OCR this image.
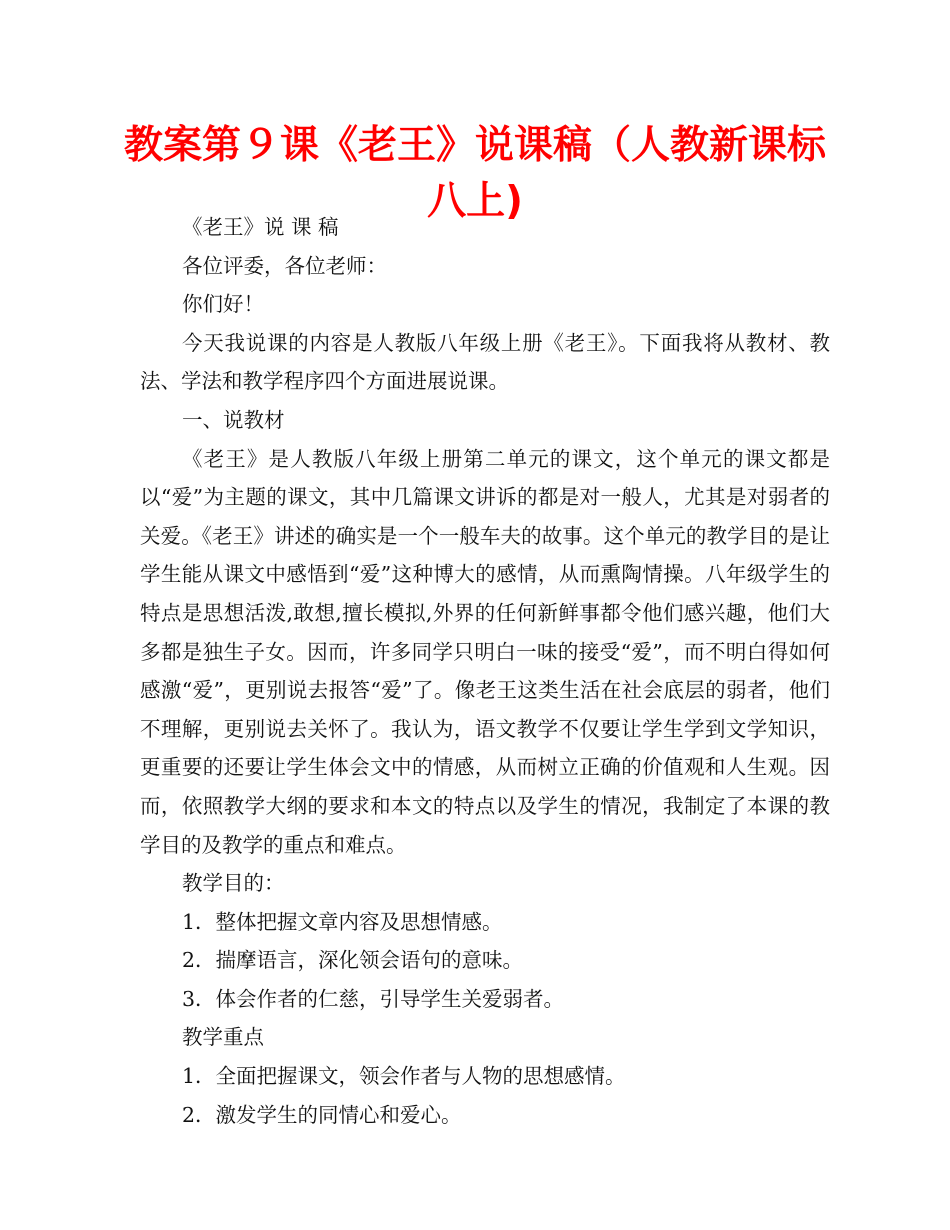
教案第９课《老王》说课稿（人教新课标八上)

《老王》说 课 稿

各位评委，各位老师：

你们好！

今天我说课的内容是人教版八年级上册《老王》。下面我将从教材、教法、学法和教学程序四个方面进展说课。

一、说教材

《老王》是人教版八年级上册第二单元的课文，这个单元的课文都是以“爱”为主题的课文，其中几篇课文讲诉的都是对一般人，尤其是对弱者的关爱。《老王》讲述的确实是一个一般车夫的故事。这个单元的教学目的是让学生能从课文中感悟到“爱”这种博大的感情，从而熏陶情操。八年级学生的特点是思想活泼,敢想,擅长模拟,外界的任何新鲜事都令他们感兴趣，他们大多都是独生子女。因而，许多同学只明白一味的接受“爱”，而不明白得如何感激“爱”，更别说去报答“爱”了。像老王这类生活在社会底层的弱者，他们不理解，更别说去关怀了。我认为，语文教学不仅要让学生学到文学知识，更重要的还要让学生体会文中的情感，从而树立正确的价值观和人生观。因而，依照教学大纲的要求和本文的特点以及学生的情况，我制定了本课的教学目的及教学的重点和难点。

教学目的：

1．整体把握文章内容及思想情感。

2．揣摩语言，深化领会语句的意味。

3．体会作者的仁慈，引导学生关爱弱者。

教学重点

1．全面把握课文，领会作者与人物的思想感情。

2．激发学生的同情心和爱心。
